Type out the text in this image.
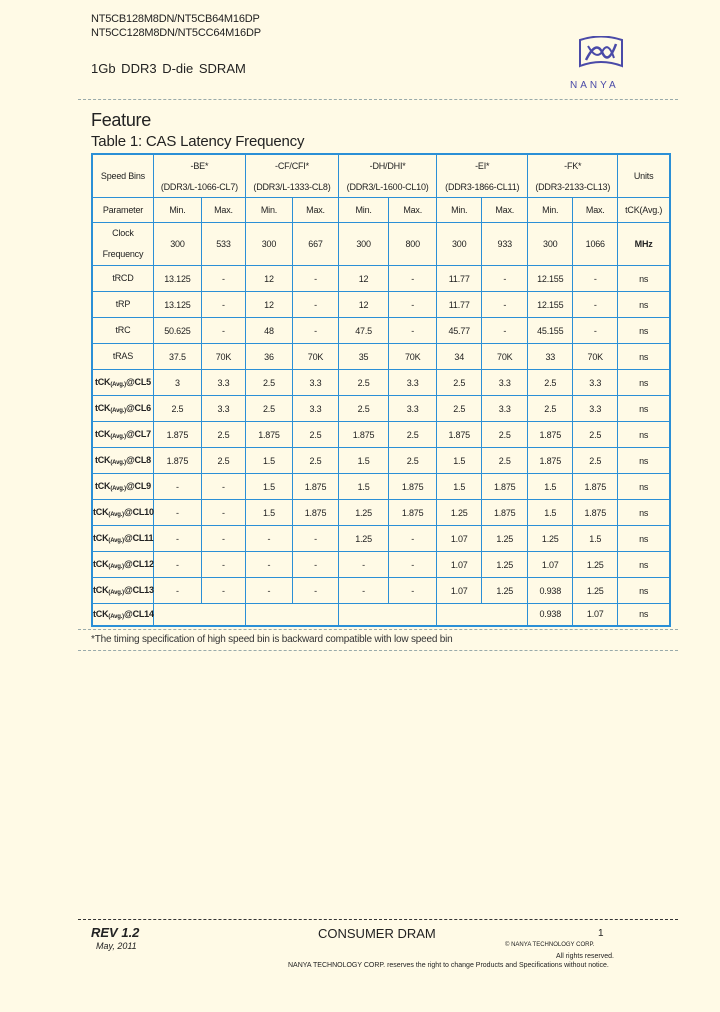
NT5CB128M8DN/NT5CB64M16DP
NT5CC128M8DN/NT5CC64M16DP
1Gb DDR3 D-die SDRAM
NANYA
Feature
Table 1: CAS Latency Frequency
Speed Bins	-BE*		-CF/CFI*		-DH/DHI*		-EI*		-FK*		Units
	(DDR3/L-1066-CL7)		(DDR3/L-1333-CL8)		(DDR3/L-1600-CL10)		(DDR3-1866-CL11)		(DDR3-2133-CL13)		
Parameter	Min.	Max.	Min.	Max.	Min.	Max.	Min.	Max.	Min.	Max.	tCK(Avg.)
Clock
Frequency	300	533	300	667	300	800	300	933	300	1066	MHz
tRCD	13.125	-	12	-	12	-	11.77	-	12.155	-	ns
tRP	13.125	-	12	-	12	-	11.77	-	12.155	-	ns
tRC	50.625	-	48	-	47.5	-	45.77	-	45.155	-	ns
tRAS	37.5	70K	36	70K	35	70K	34	70K	33	70K	ns
tCK(Avg.)@CL5	3	3.3	2.5	3.3	2.5	3.3	2.5	3.3	2.5	3.3	ns
tCK(Avg.)@CL6	2.5	3.3	2.5	3.3	2.5	3.3	2.5	3.3	2.5	3.3	ns
tCK(Avg.)@CL7	1.875	2.5	1.875	2.5	1.875	2.5	1.875	2.5	1.875	2.5	ns
tCK(Avg.)@CL8	1.875	2.5	1.5	2.5	1.5	2.5	1.5	2.5	1.875	2.5	ns
tCK(Avg.)@CL9	-	-	1.5	1.875	1.5	1.875	1.5	1.875	1.5	1.875	ns
tCK(Avg.)@CL10	-	-	1.5	1.875	1.25	1.875	1.25	1.875	1.5	1.875	ns
tCK(Avg.)@CL11	-	-	-	-	1.25	-	1.07	1.25	1.25	1.5	ns
tCK(Avg.)@CL12	-	-	-	-	-	-	1.07	1.25	1.07	1.25	ns
tCK(Avg.)@CL13	-	-	-	-	-	-	1.07	1.25	0.938	1.25	ns
tCK(Avg.)@CL14									0.938	1.07	ns
*The timing specification of high speed bin is backward compatible with low speed bin
REV 1.2
May, 2011
CONSUMER DRAM	1
© NANYA TECHNOLOGY CORP.
All rights reserved.
NANYA TECHNOLOGY CORP. reserves the right to change Products and Specifications without notice.
